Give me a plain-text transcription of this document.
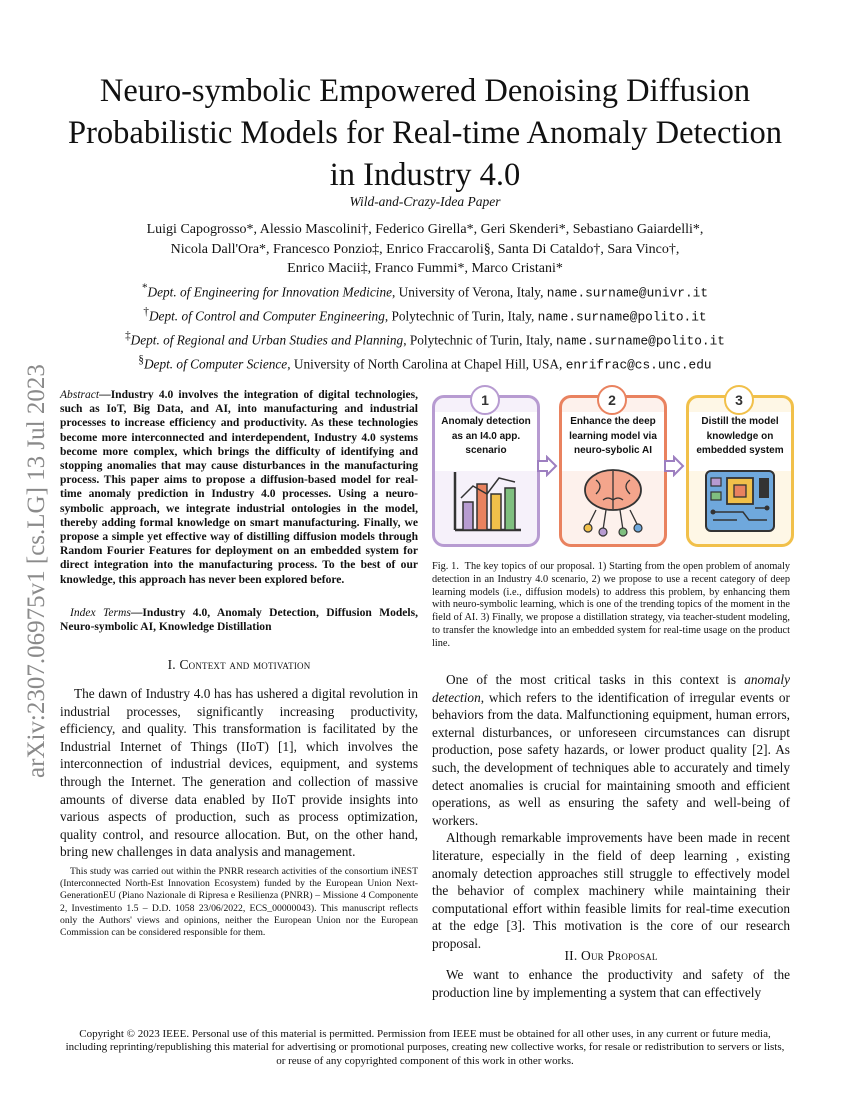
arXiv:2307.06975v1 [cs.LG] 13 Jul 2023
Neuro-symbolic Empowered Denoising Diffusion Probabilistic Models for Real-time Anomaly Detection in Industry 4.0
Wild-and-Crazy-Idea Paper
Luigi Capogrosso*, Alessio Mascolini†, Federico Girella*, Geri Skenderi*, Sebastiano Gaiardelli*,
Nicola Dall'Ora*, Francesco Ponzio‡, Enrico Fraccaroli§, Santa Di Cataldo†, Sara Vinco†,
Enrico Macii‡, Franco Fummi*, Marco Cristani*
*Dept. of Engineering for Innovation Medicine, University of Verona, Italy, name.surname@univr.it
†Dept. of Control and Computer Engineering, Polytechnic of Turin, Italy, name.surname@polito.it
‡Dept. of Regional and Urban Studies and Planning, Polytechnic of Turin, Italy, name.surname@polito.it
§Dept. of Computer Science, University of North Carolina at Chapel Hill, USA, enrifrac@cs.unc.edu
Abstract—Industry 4.0 involves the integration of digital technologies, such as IoT, Big Data, and AI, into manufacturing and industrial processes to increase efficiency and productivity. As these technologies become more interconnected and interdependent, Industry 4.0 systems become more complex, which brings the difficulty of identifying and stopping anomalies that may cause disturbances in the manufacturing process. This paper aims to propose a diffusion-based model for real-time anomaly prediction in Industry 4.0 processes. Using a neuro-symbolic approach, we integrate industrial ontologies in the model, thereby adding formal knowledge on smart manufacturing. Finally, we propose a simple yet effective way of distilling diffusion models through Random Fourier Features for deployment on an embedded system for direct integration into the manufacturing process. To the best of our knowledge, this approach has never been explored before.
Index Terms—Industry 4.0, Anomaly Detection, Diffusion Models, Neuro-symbolic AI, Knowledge Distillation
I. Context and motivation

The dawn of Industry 4.0 has has ushered a digital revolution in industrial processes, significantly increasing productivity, efficiency, and quality. This transformation is facilitated by the Industrial Internet of Things (IIoT) [1], which involves the interconnection of industrial devices, equipment, and systems through the Internet. The generation and collection of massive amounts of diverse data enabled by IIoT provide insights into various aspects of production, such as process optimization, quality control, and resource allocation. But, on the other hand, bring new challenges in data analysis and management.

This study was carried out within the PNRR research activities of the consortium iNEST (Interconnected North-Est Innovation Ecosystem) funded by the European Union Next-GenerationEU (Piano Nazionale di Ripresa e Resilienza (PNRR) – Missione 4 Componente 2, Investimento 1.5 – D.D. 1058 23/06/2022, ECS_00000043). This manuscript reflects only the Authors' views and opinions, neither the European Union nor the European Commission can be considered responsible for them.
Anomaly detection as an I4.0 app. scenario
1
Enhance the deep learning model via neuro-sybolic AI
2
Distill the model knowledge on embedded system
3
Fig. 1. The key topics of our proposal. 1) Starting from the open problem of anomaly detection in an Industry 4.0 scenario, 2) we propose to use a recent category of deep learning models (i.e., diffusion models) to address this problem, by enhancing them with neuro-symbolic learning, which is one of the trending topics of the moment in the field of AI. 3) Finally, we propose a distillation strategy, via teacher-student modeling, to transfer the knowledge into an embedded system for real-time usage on the product line.

One of the most critical tasks in this context is anomaly detection, which refers to the identification of irregular events or behaviors from the data. Malfunctioning equipment, human errors, external disturbances, or unforeseen circumstances can disrupt production, pose safety hazards, or lower product quality [2]. As such, the development of techniques able to accurately and timely detect anomalies is crucial for maintaining smooth and efficient operations, as well as ensuring the safety and well-being of workers.

Although remarkable improvements have been made in recent literature, especially in the field of deep learning , existing anomaly detection approaches still struggle to effectively model the behavior of complex machinery while maintaining their computational effort within feasible limits for real-time execution at the edge [3]. This motivation is the core of our research proposal.

II. Our Proposal

We want to enhance the productivity and safety of the production line by implementing a system that can effectively

Copyright © 2023 IEEE. Personal use of this material is permitted. Permission from IEEE must be obtained for all other uses, in any current or future media, including reprinting/republishing this material for advertising or promotional purposes, creating new collective works, for resale or redistribution to servers or lists, or reuse of any copyrighted component of this work in other works.
